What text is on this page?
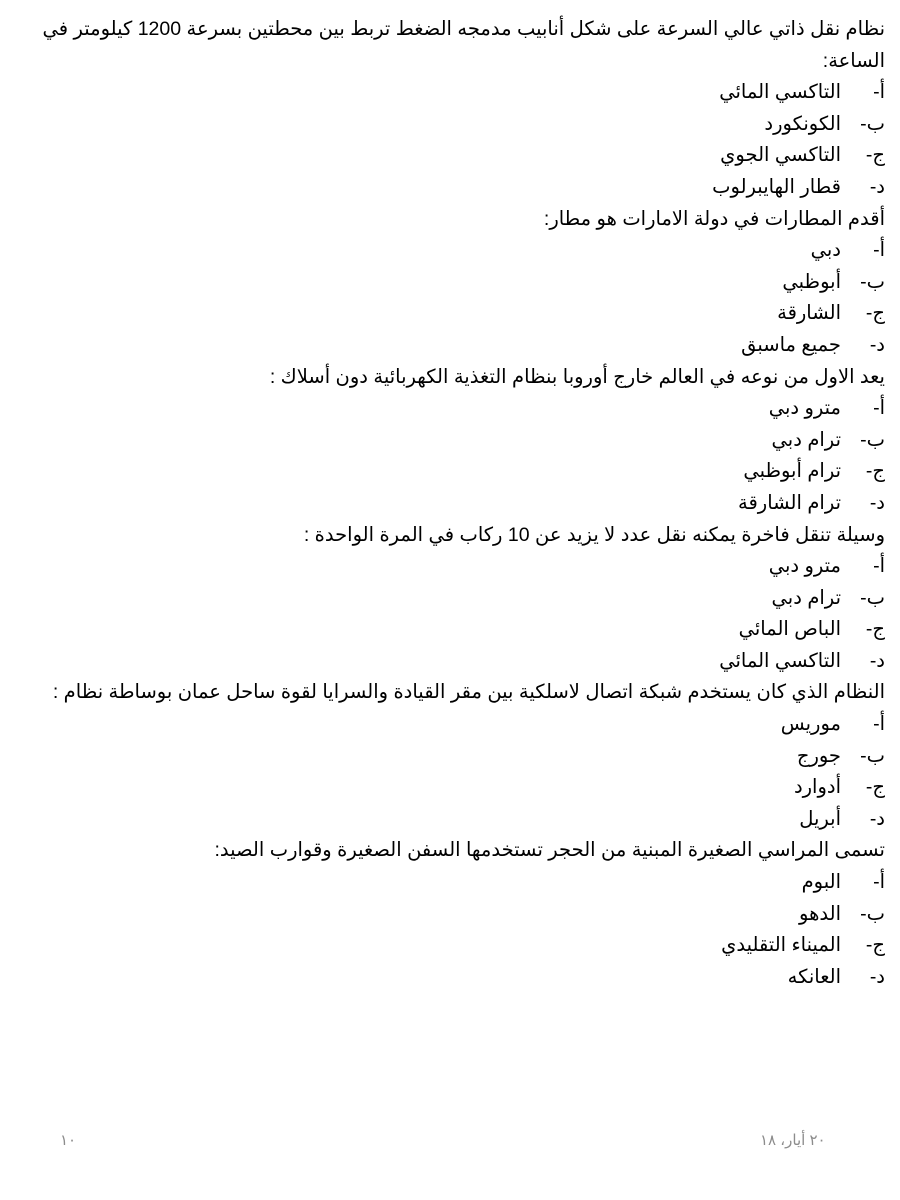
نظام نقل ذاتي عالي السرعة على شكل أنابيب مدمجه الضغط تربط بين محطتين بسرعة 1200 كيلومتر في الساعة:
أ-التاكسي المائي
ب-الكونكورد
ج-التاكسي الجوي
د-قطار الهايبرلوب
أقدم المطارات في دولة الامارات هو مطار:
أ-دبي
ب-أبوظبي
ج-الشارقة
د-جميع ماسبق
يعد الاول من نوعه في العالم خارج أوروبا بنظام التغذية الكهربائية دون أسلاك :
أ-مترو دبي
ب-ترام دبي
ج-ترام أبوظبي
د-ترام الشارقة
وسيلة تنقل فاخرة يمكنه نقل عدد لا يزيد عن 10 ركاب في المرة الواحدة :
أ-مترو دبي
ب-ترام دبي
ج-الباص المائي
د-التاكسي المائي
النظام الذي كان يستخدم شبكة اتصال لاسلكية بين مقر القيادة والسرايا لقوة ساحل عمان بوساطة نظام :
أ-موريس
ب-جورج
ج-أدوارد
د-أبريل
تسمى المراسي الصغيرة المبنية من الحجر تستخدمها السفن الصغيرة وقوارب الصيد:
أ-البوم
ب-الدهو
ج-الميناء التقليدي
د-العانكه
٢٠ أيار، ١٨
١٠
